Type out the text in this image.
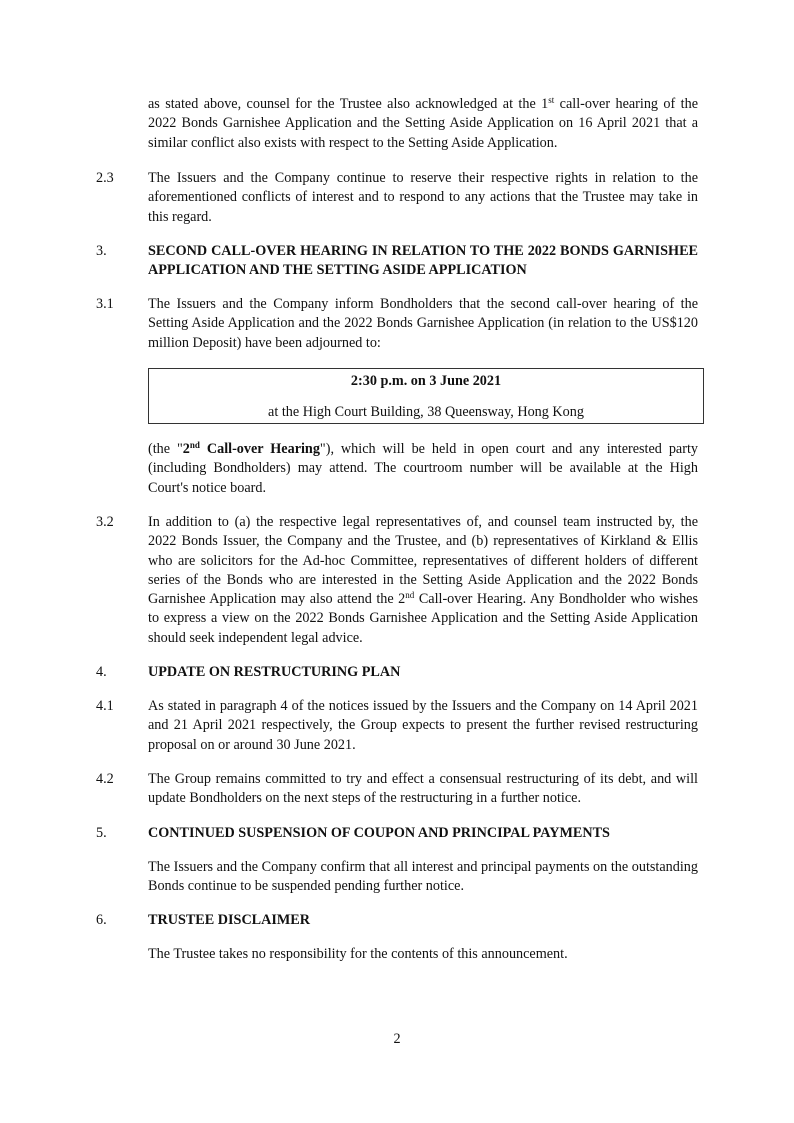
as stated above, counsel for the Trustee also acknowledged at the 1st call-over hearing of the 2022 Bonds Garnishee Application and the Setting Aside Application on 16 April 2021 that a similar conflict also exists with respect to the Setting Aside Application.
2.3	The Issuers and the Company continue to reserve their respective rights in relation to the aforementioned conflicts of interest and to respond to any actions that the Trustee may take in this regard.
3.	SECOND CALL-OVER HEARING IN RELATION TO THE 2022 BONDS GARNISHEE APPLICATION AND THE SETTING ASIDE APPLICATION
3.1	The Issuers and the Company inform Bondholders that the second call-over hearing of the Setting Aside Application and the 2022 Bonds Garnishee Application (in relation to the US$120 million Deposit) have been adjourned to:
2:30 p.m. on 3 June 2021
at the High Court Building, 38 Queensway, Hong Kong
(the "2nd Call-over Hearing"), which will be held in open court and any interested party (including Bondholders) may attend. The courtroom number will be available at the High Court's notice board.
3.2	In addition to (a) the respective legal representatives of, and counsel team instructed by, the 2022 Bonds Issuer, the Company and the Trustee, and (b) representatives of Kirkland & Ellis who are solicitors for the Ad-hoc Committee, representatives of different holders of different series of the Bonds who are interested in the Setting Aside Application and the 2022 Bonds Garnishee Application may also attend the 2nd Call-over Hearing. Any Bondholder who wishes to express a view on the 2022 Bonds Garnishee Application and the Setting Aside Application should seek independent legal advice.
4.	UPDATE ON RESTRUCTURING PLAN
4.1	As stated in paragraph 4 of the notices issued by the Issuers and the Company on 14 April 2021 and 21 April 2021 respectively, the Group expects to present the further revised restructuring proposal on or around 30 June 2021.
4.2	The Group remains committed to try and effect a consensual restructuring of its debt, and will update Bondholders on the next steps of the restructuring in a further notice.
5.	CONTINUED SUSPENSION OF COUPON AND PRINCIPAL PAYMENTS
The Issuers and the Company confirm that all interest and principal payments on the outstanding Bonds continue to be suspended pending further notice.
6.	TRUSTEE DISCLAIMER
The Trustee takes no responsibility for the contents of this announcement.
2
